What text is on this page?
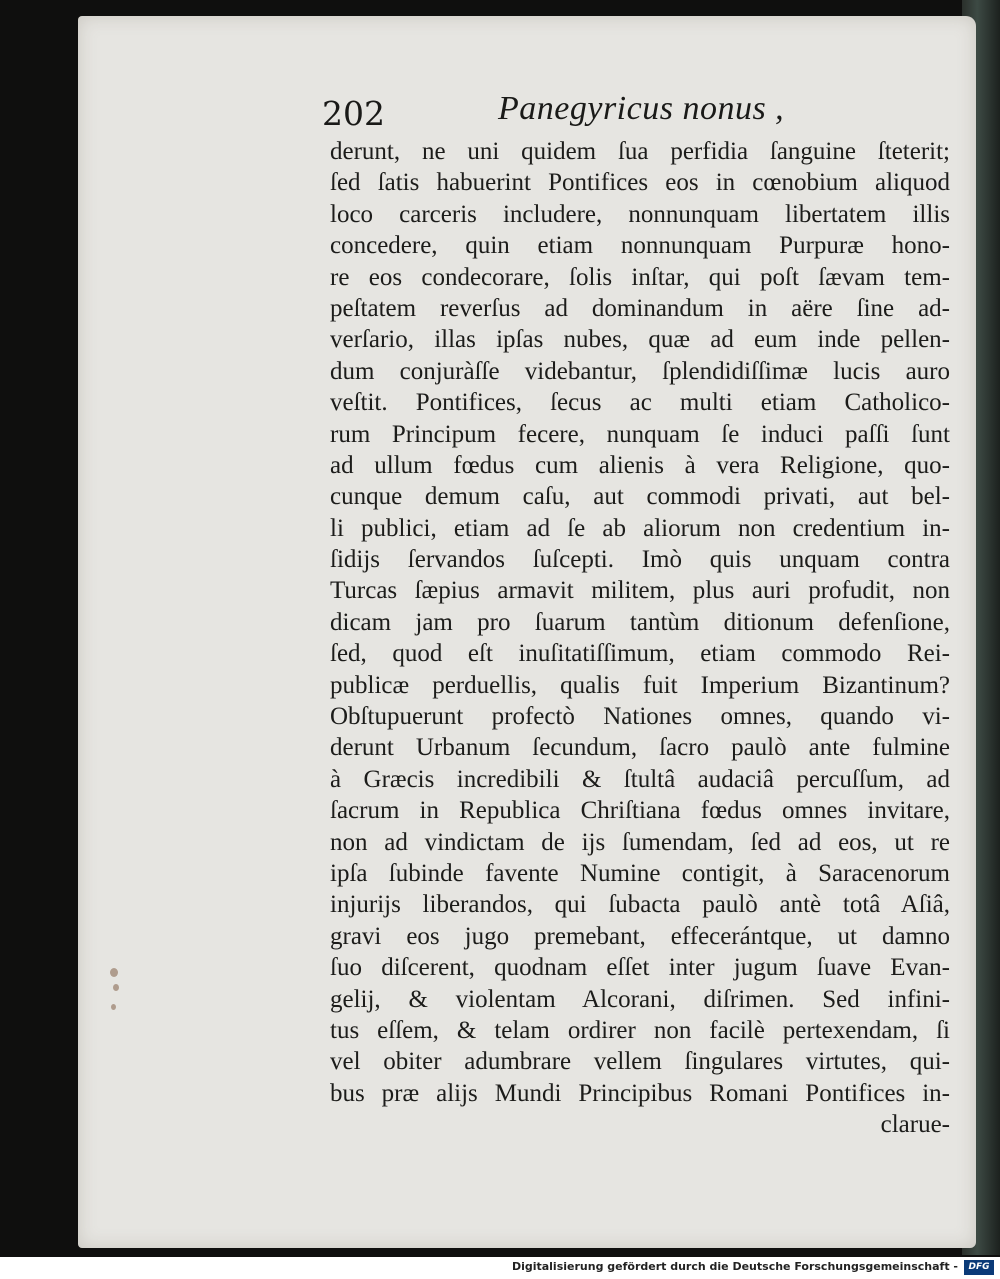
202	Panegyricus nonus ,
derunt, ne uni quidem ſua perfidia ſanguine ſteterit;
ſed ſatis habuerint Pontifices eos in cœnobium aliquod
loco carceris includere, nonnunquam libertatem illis
concedere, quin etiam nonnunquam Purpuræ hono-
re eos condecorare, ſolis inſtar, qui poſt ſævam tem-
peſtatem reverſus ad dominandum in aëre ſine ad-
verſario, illas ipſas nubes, quæ ad eum inde pellen-
dum conjuràſſe videbantur, ſplendidiſſimæ lucis auro
veſtit. Pontifices, ſecus ac multi etiam Catholico-
rum Principum fecere, nunquam ſe induci paſſi ſunt
ad ullum fœdus cum alienis à vera Religione, quo-
cunque demum caſu, aut commodi privati, aut bel-
li publici, etiam ad ſe ab aliorum non credentium in-
ſidijs ſervandos ſuſcepti. Imò quis unquam contra
Turcas ſæpius armavit militem, plus auri profudit, non
dicam jam pro ſuarum tantùm ditionum defenſione,
ſed, quod eſt inuſitatiſſimum, etiam commodo Rei-
publicæ perduellis, qualis fuit Imperium Bizantinum?
Obſtupuerunt profectò Nationes omnes, quando vi-
derunt Urbanum ſecundum, ſacro paulò ante fulmine
à Græcis incredibili & ſtultâ audaciâ percuſſum, ad
ſacrum in Republica Chriſtiana fœdus omnes invitare,
non ad vindictam de ijs ſumendam, ſed ad eos, ut re
ipſa ſubinde favente Numine contigit, à Saracenorum
injurijs liberandos, qui ſubacta paulò antè totâ Aſiâ,
gravi eos jugo premebant, effecerántque, ut damno
ſuo diſcerent, quodnam eſſet inter jugum ſuave Evan-
gelij, & violentam Alcorani, diſrimen. Sed infini-
tus eſſem, & telam ordirer non facilè pertexendam, ſi
vel obiter adumbrare vellem ſingulares virtutes, qui-
bus præ alijs Mundi Principibus Romani Pontifices in-
clarue-
Digitalisierung gefördert durch die Deutsche Forschungsgemeinschaft -	DFG
